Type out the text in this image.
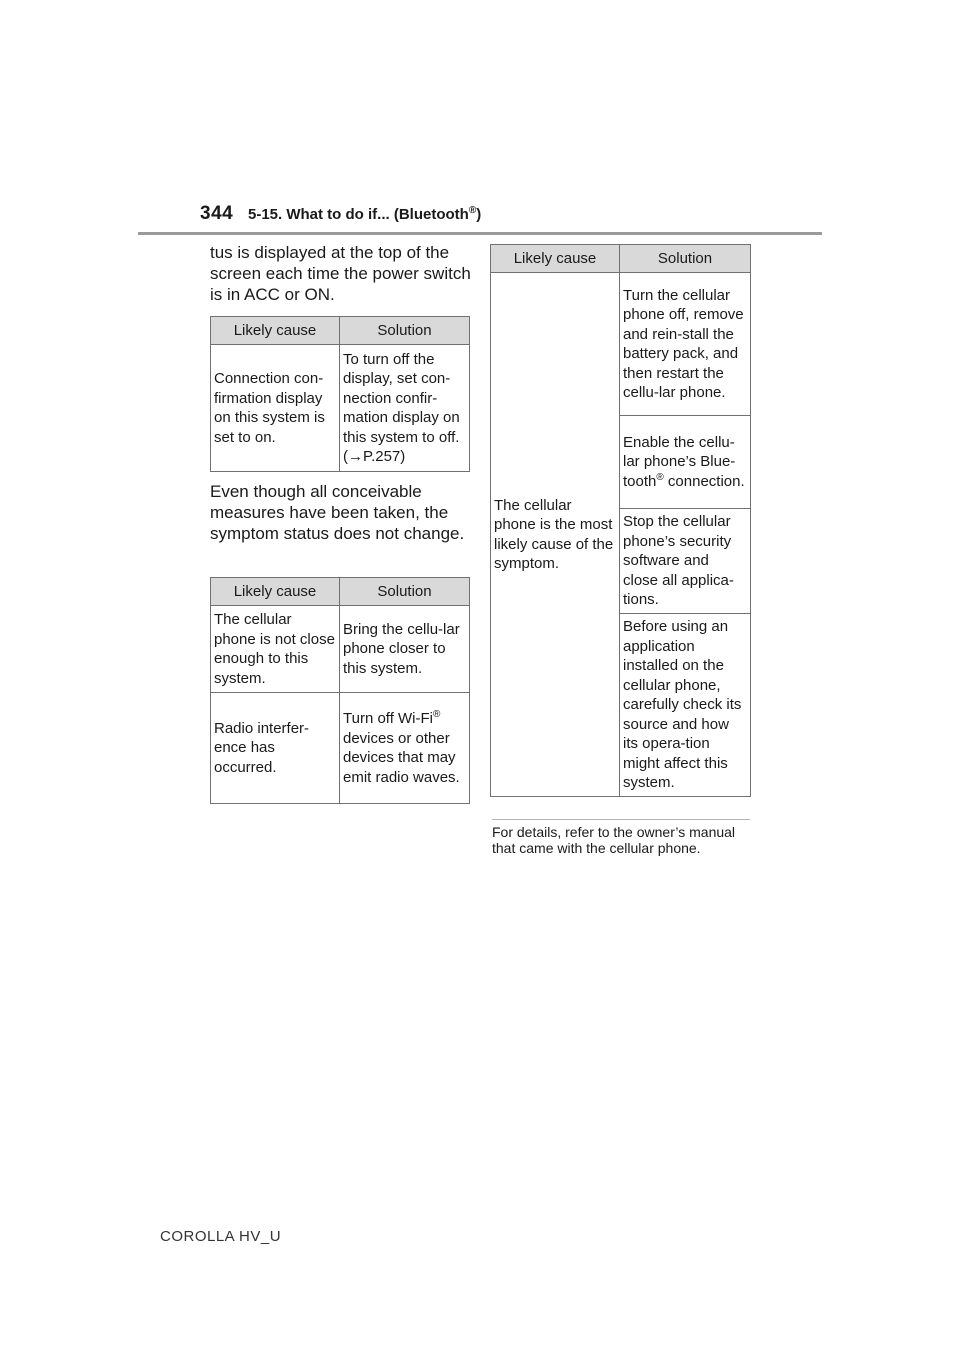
344 5-15. What to do if... (Bluetooth®)
tus is displayed at the top of the screen each time the power switch is in ACC or ON.
Likely cause	Solution
Connection con-firmation display on this system is set to on.	To turn off the display, set con-nection confir-mation display on this system to off. (→P.257)
Even though all conceivable measures have been taken, the symptom status does not change.
Likely cause	Solution
The cellular phone is not close enough to this system.	Bring the cellu-lar phone closer to this system.
Radio interfer-ence has occurred.	Turn off Wi-Fi® devices or other devices that may emit radio waves.
Likely cause	Solution
The cellular phone is the most likely cause of the symptom.	Turn the cellular phone off, remove and rein-stall the battery pack, and then restart the cellu-lar phone.
	Enable the cellu-lar phone’s Blue-tooth® connection.
	Stop the cellular phone’s security software and close all applica-tions.
	Before using an application installed on the cellular phone, carefully check its source and how its opera-tion might affect this system.
For details, refer to the owner’s manual that came with the cellular phone.
COROLLA HV_U
